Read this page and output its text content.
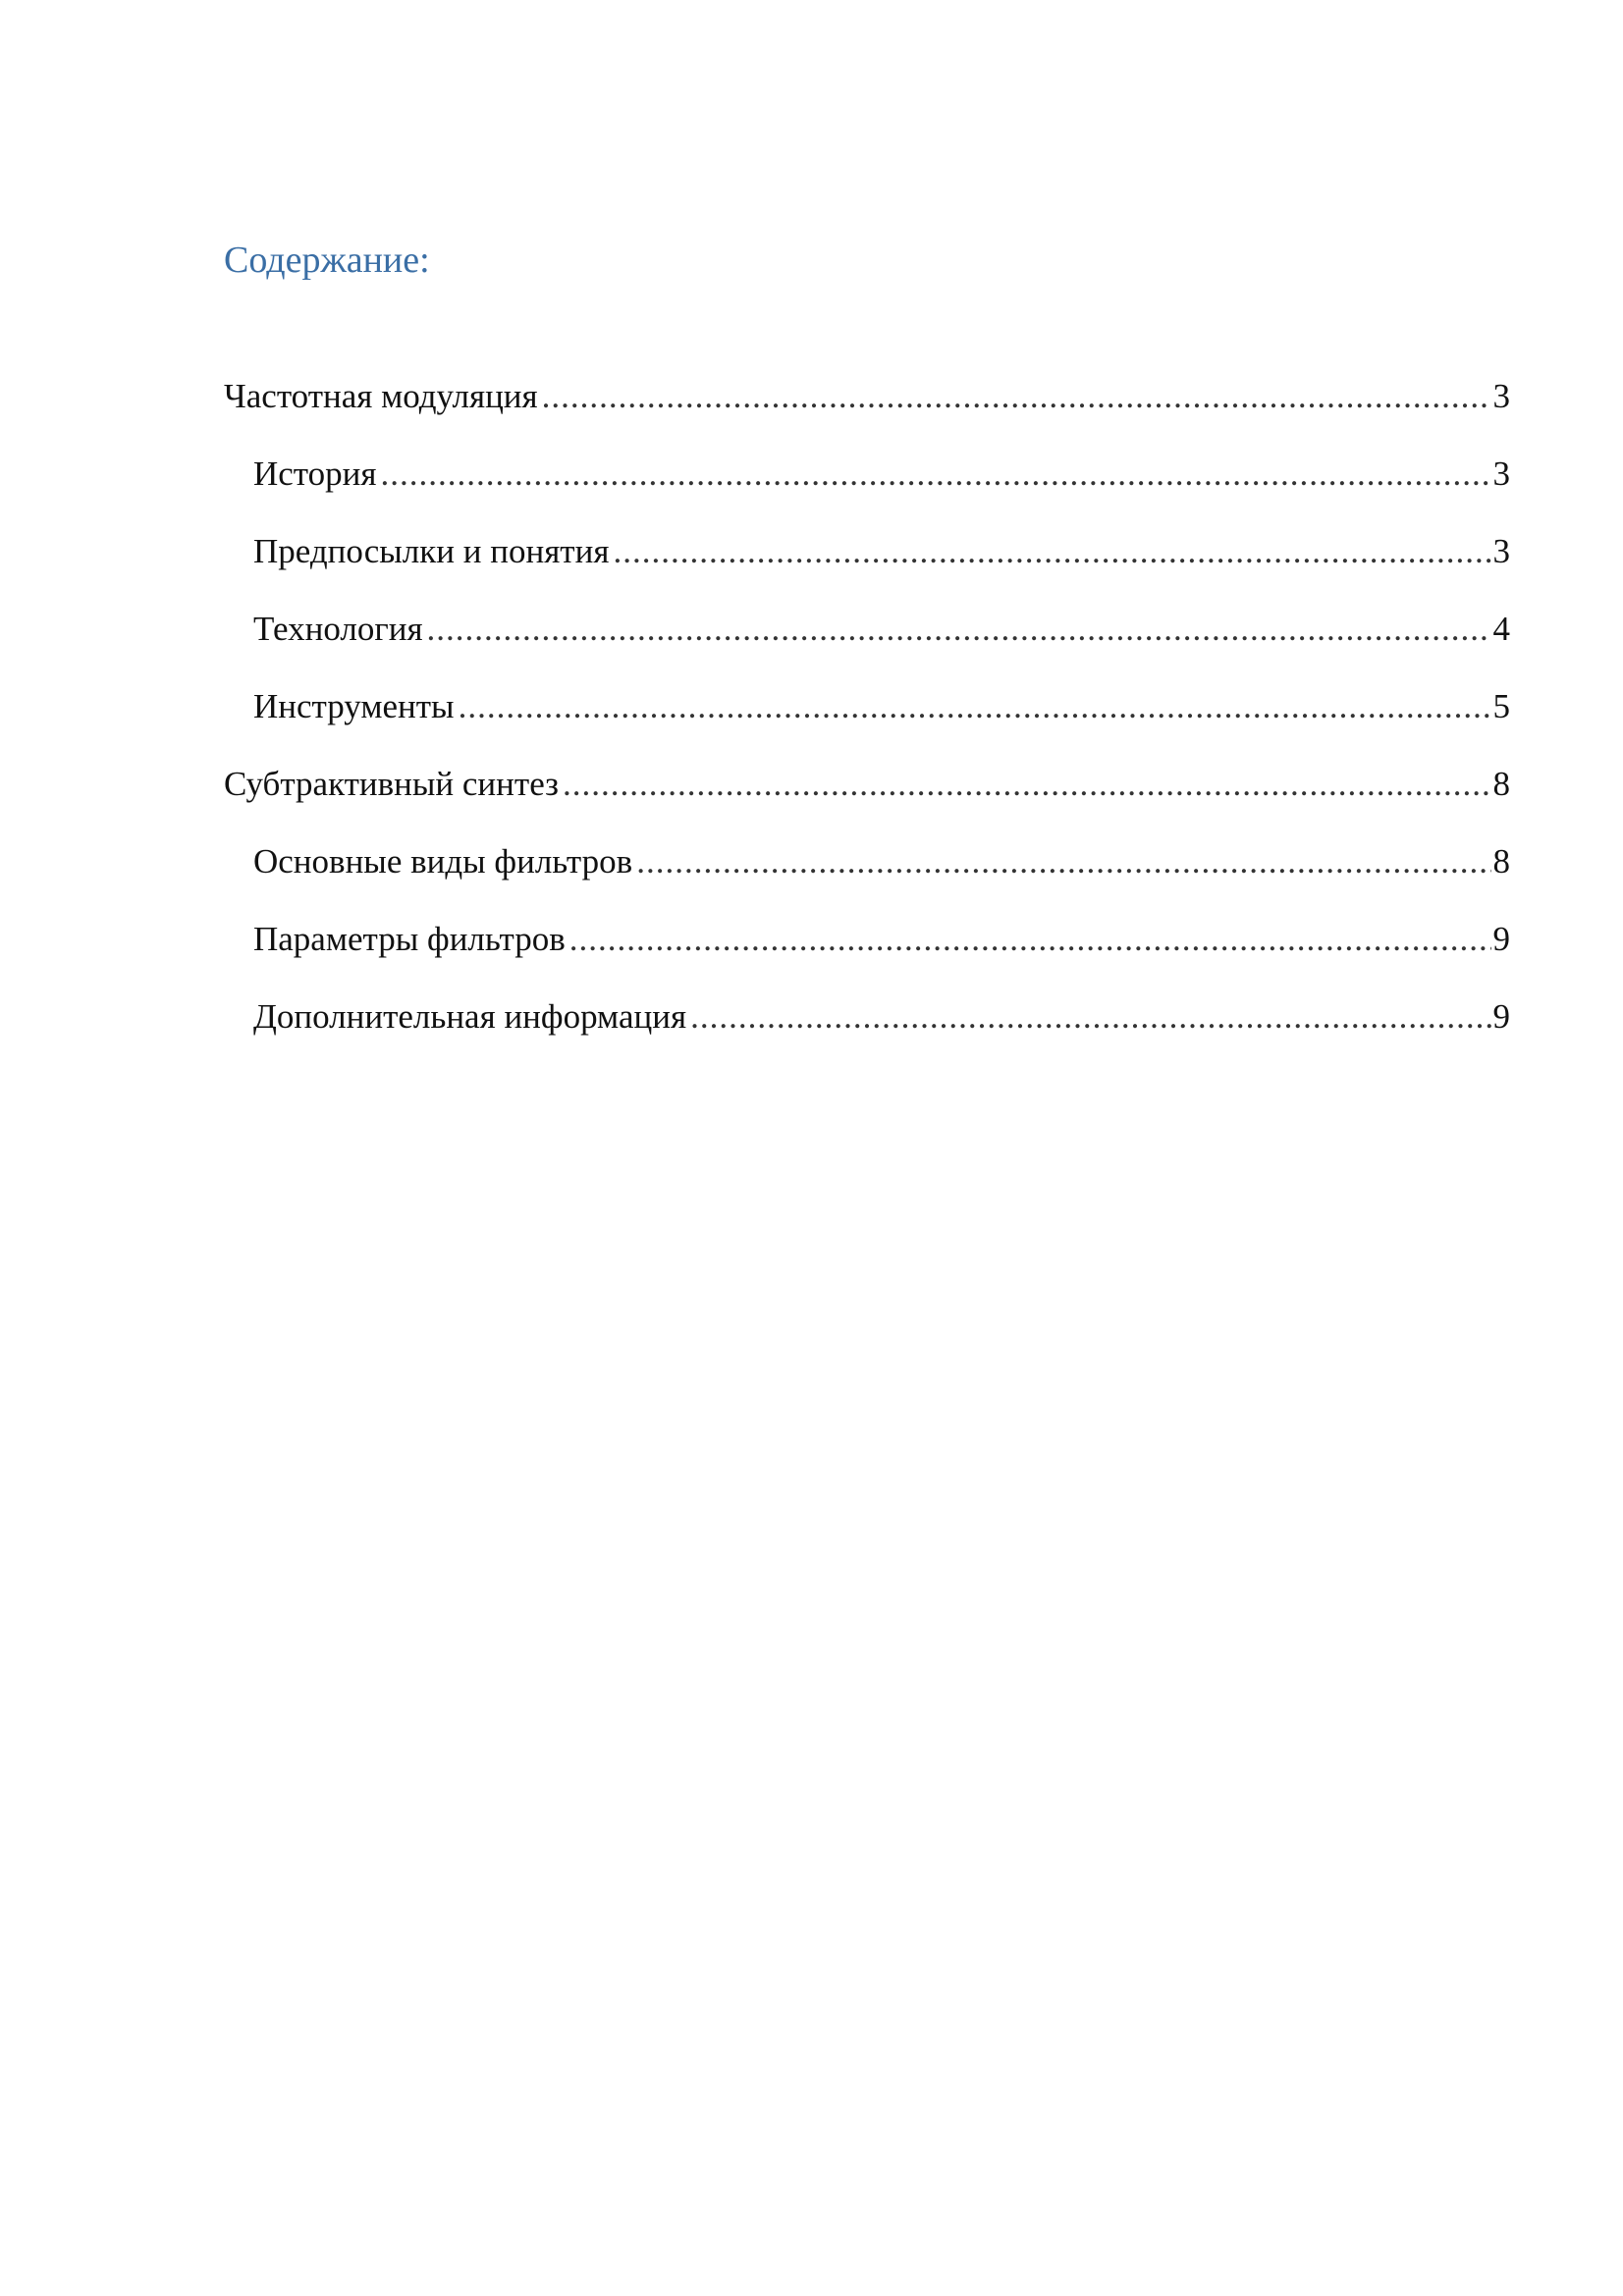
Содержание:
Частотная модуляция .....	3
История .....	3
Предпосылки и понятия .....	3
Технология .....	4
Инструменты .....	5
Субтрактивный синтез .....	8
Основные виды фильтров .....	8
Параметры фильтров .....	9
Дополнительная информация .....	9
